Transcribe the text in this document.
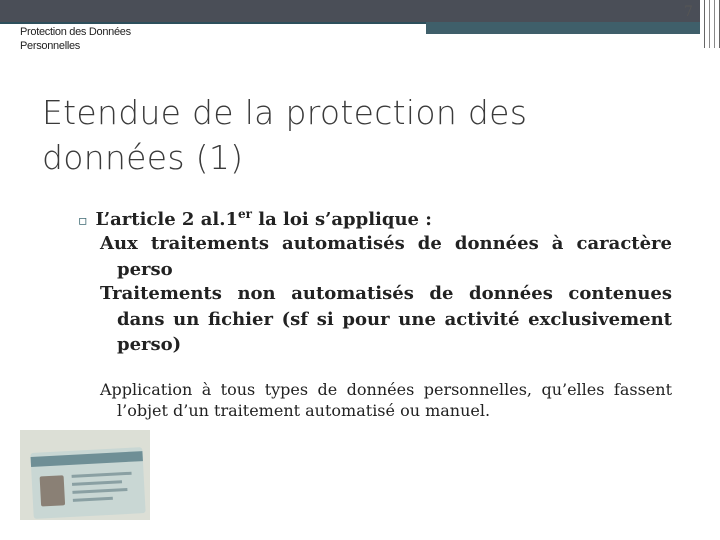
7
Protection des Données
Personnelles
Etendue de la protection des
données (1)
▫ L’article 2 al.1er la loi s’applique :
Aux traitements automatisés de données à caractère perso
Traitements non automatisés de données contenues dans un fichier (sf si pour une activité exclusivement perso)
Application à tous types de données personnelles, qu’elles fassent l’objet d’un traitement automatisé ou manuel.
